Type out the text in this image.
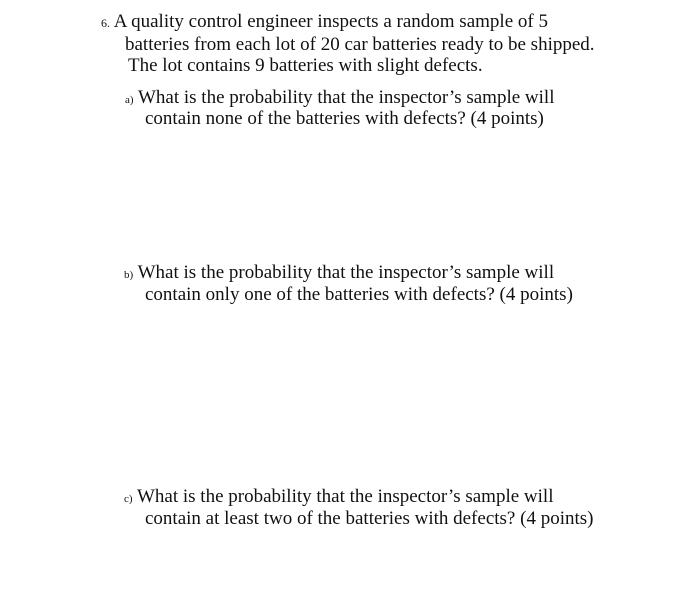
6. A quality control engineer inspects a random sample of 5
batteries from each lot of 20 car batteries ready to be shipped.
The lot contains 9 batteries with slight defects.
a) What is the probability that the inspector’s sample will
contain none of the batteries with defects? (4 points)
b) What is the probability that the inspector’s sample will
contain only one of the batteries with defects? (4 points)
c) What is the probability that the inspector’s sample will
contain at least two of the batteries with defects? (4 points)
